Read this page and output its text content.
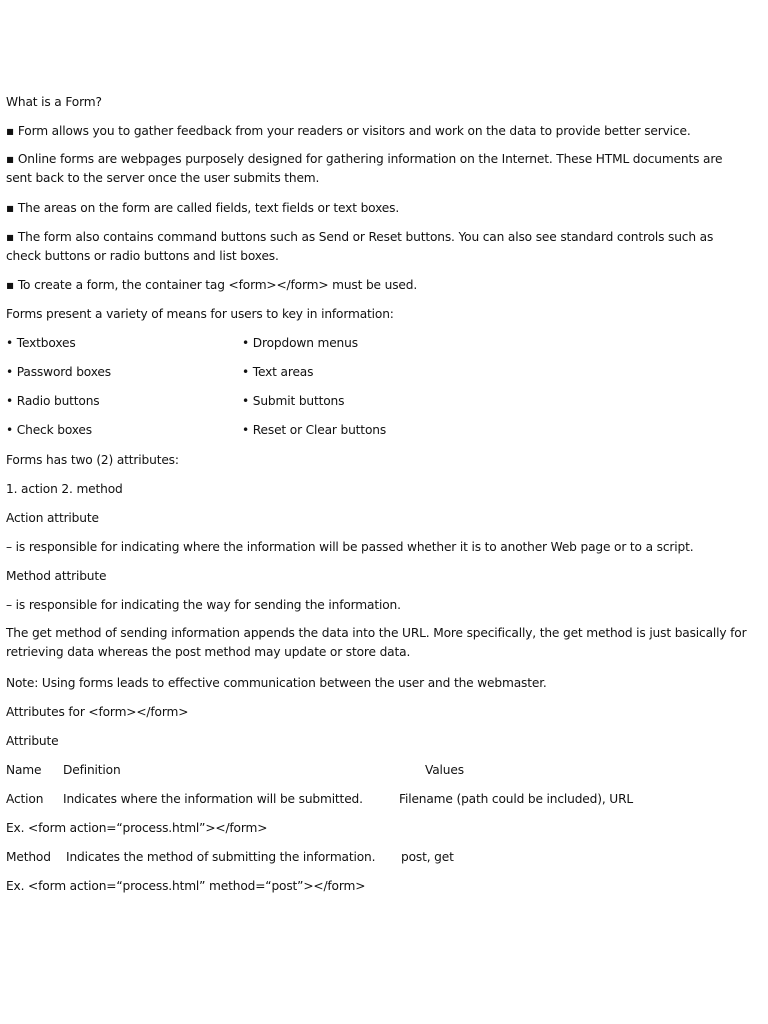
What is a Form?
▪ Form allows you to gather feedback from your readers or visitors and work on the data to provide better service.
▪ Online forms are webpages purposely designed for gathering information on the Internet. These HTML documents are sent back to the server once the user submits them.
▪ The areas on the form are called fields, text fields or text boxes.
▪ The form also contains command buttons such as Send or Reset buttons. You can also see standard controls such as check buttons or radio buttons and list boxes.
▪ To create a form, the container tag <form></form> must be used.
Forms present a variety of means for users to key in information:
• Textboxes	• Dropdown menus
• Password boxes	• Text areas
• Radio buttons	• Submit buttons
• Check boxes	• Reset or Clear buttons
Forms has two (2) attributes:
1. action 2. method
Action attribute
– is responsible for indicating where the information will be passed whether it is to another Web page or to a script.
Method attribute
– is responsible for indicating the way for sending the information.
The get method of sending information appends the data into the URL. More specifically, the get method is just basically for retrieving data whereas the post method may update or store data.
Note: Using forms leads to effective communication between the user and the webmaster.
Attributes for <form></form>
Attribute
Name Definition	Values
Action Indicates where the information will be submitted.	Filename (path could be included), URL
Ex. <form action=“process.html”></form>
Method Indicates the method of submitting the information. post, get
Ex. <form action=“process.html” method=“post”></form>
